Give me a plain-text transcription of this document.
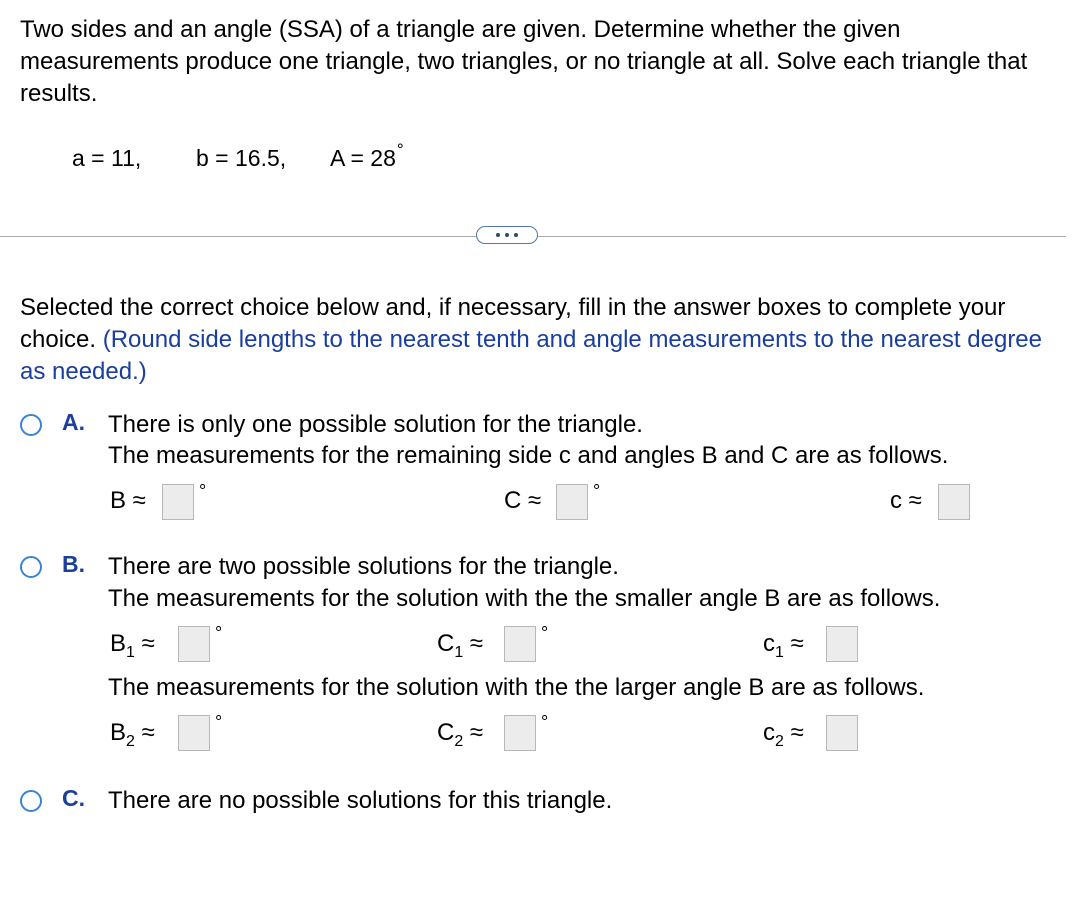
Two sides and an angle (SSA) of a triangle are given. Determine whether the given measurements produce one triangle, two triangles, or no triangle at all. Solve each triangle that results.
a = 11, b = 16.5, A = 28°
Selected the correct choice below and, if necessary, fill in the answer boxes to complete your choice. (Round side lengths to the nearest tenth and angle measurements to the nearest degree as needed.)
A. There is only one possible solution for the triangle.
The measurements for the remaining side c and angles B and C are as follows.
B ≈	°	C ≈	°	c ≈
B. There are two possible solutions for the triangle.
The measurements for the solution with the the smaller angle B are as follows.
$B_1$ ≈	°	$C_1$ ≈	°	$c_1$ ≈
The measurements for the solution with the the larger angle B are as follows.
$B_2$ ≈	°	$C_2$ ≈	°	$c_2$ ≈
C. There are no possible solutions for this triangle.
